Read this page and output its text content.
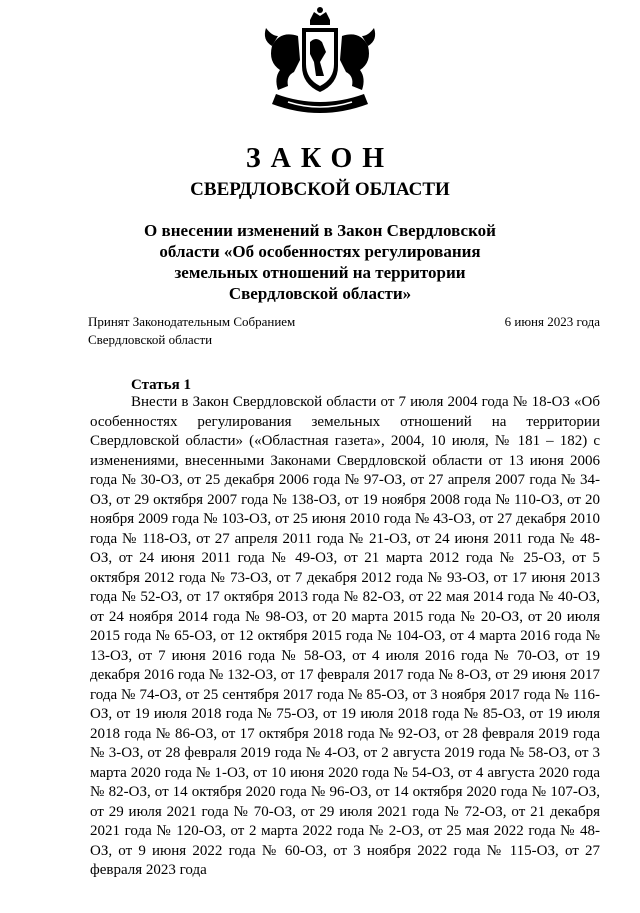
ЗАКОН
СВЕРДЛОВСКОЙ ОБЛАСТИ
О внесении изменений в Закон Свердловской области «Об особенностях регулирования земельных отношений на территории Свердловской области»
Принят Законодательным Собранием
Свердловской области
6 июня 2023 года
Статья 1

Внести в Закон Свердловской области от 7 июля 2004 года № 18-ОЗ «Об особенностях регулирования земельных отношений на территории Свердловской области» («Областная газета», 2004, 10 июля, № 181 – 182) с изменениями, внесенными Законами Свердловской области от 13 июня 2006 года № 30-ОЗ, от 25 декабря 2006 года № 97-ОЗ, от 27 апреля 2007 года № 34-ОЗ, от 29 октября 2007 года № 138-ОЗ, от 19 ноября 2008 года № 110-ОЗ, от 20 ноября 2009 года № 103-ОЗ, от 25 июня 2010 года № 43-ОЗ, от 27 декабря 2010 года № 118-ОЗ, от 27 апреля 2011 года № 21-ОЗ, от 24 июня 2011 года № 48-ОЗ, от 24 июня 2011 года № 49-ОЗ, от 21 марта 2012 года № 25-ОЗ, от 5 октября 2012 года № 73-ОЗ, от 7 декабря 2012 года № 93-ОЗ, от 17 июня 2013 года № 52-ОЗ, от 17 октября 2013 года № 82-ОЗ, от 22 мая 2014 года № 40-ОЗ, от 24 ноября 2014 года № 98-ОЗ, от 20 марта 2015 года № 20-ОЗ, от 20 июля 2015 года № 65-ОЗ, от 12 октября 2015 года № 104-ОЗ, от 4 марта 2016 года № 13-ОЗ, от 7 июня 2016 года № 58-ОЗ, от 4 июля 2016 года № 70-ОЗ, от 19 декабря 2016 года № 132-ОЗ, от 17 февраля 2017 года № 8-ОЗ, от 29 июня 2017 года № 74-ОЗ, от 25 сентября 2017 года № 85-ОЗ, от 3 ноября 2017 года № 116-ОЗ, от 19 июля 2018 года № 75-ОЗ, от 19 июля 2018 года № 85-ОЗ, от 19 июля 2018 года № 86-ОЗ, от 17 октября 2018 года № 92-ОЗ, от 28 февраля 2019 года № 3-ОЗ, от 28 февраля 2019 года № 4-ОЗ, от 2 августа 2019 года № 58-ОЗ, от 3 марта 2020 года № 1-ОЗ, от 10 июня 2020 года № 54-ОЗ, от 4 августа 2020 года № 82-ОЗ, от 14 октября 2020 года № 96-ОЗ, от 14 октября 2020 года № 107-ОЗ, от 29 июля 2021 года № 70-ОЗ, от 29 июля 2021 года № 72-ОЗ, от 21 декабря 2021 года № 120-ОЗ, от 2 марта 2022 года № 2-ОЗ, от 25 мая 2022 года № 48-ОЗ, от 9 июня 2022 года № 60-ОЗ, от 3 ноября 2022 года № 115-ОЗ, от 27 февраля 2023 года
